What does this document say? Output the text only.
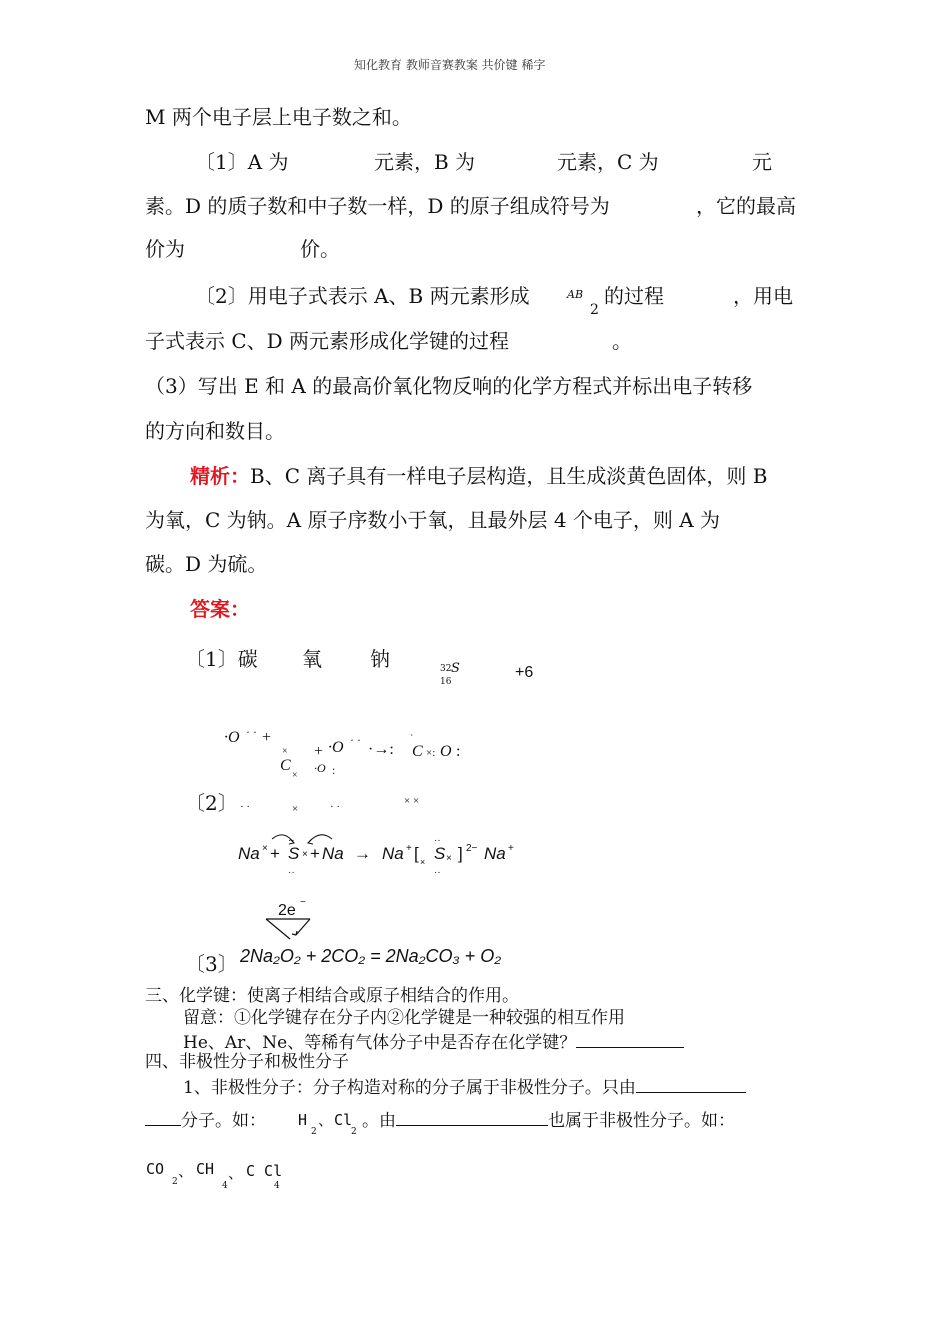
知化教育 教师音赛教案 共价键 稀字
M 两个电子层上电子数之和。
〔1〕A 为	元素，B 为	元素，C 为	元
素。D 的质子数和中子数一样，D 的原子组成符号为	，它的最高
价为	价。
〔2〕用电子式表示 A、B 两元素形成	AB
2
的过程	，用电
子式表示 C、D 两元素形成化学键的过程	。
（3）写出 E 和 A 的最高价氧化物反响的化学方程式并标出电子转移
的方向和数目。
精析：B、C 离子具有一样电子层构造，且生成淡黄色固体，则 B
为氧，C 为钠。A 原子序数小于氧，且最外层 4 个电子，则 A 为
碳。D 为硫。
答案：
〔1〕碳 氧 钠	32
16
S	+6
〔2〕
·O · · +
×
C
×
+ ·O · ·
·O :
·→:
`
C ×: O :
· ·	×	· ·	× ×
Na × + S
··
··
× + Na → Na + [ × S
··
··
× ] 2− Na +
2e −
〔3〕 2Na₂O₂ + 2CO₂ = 2Na₂CO₃ + O₂
三、化学键：使离子相结合或原子相结合的作用。
留意：①化学键存在分子内②化学键是一种较强的相互作用
He、Ar、Ne、等稀有气体分子中是否存在化学键？
四、非极性分子和极性分子
1、非极性分子：分子构造对称的分子属于非极性分子。只由
分子。如： H
2
、 Cl
2
。由	也属于非极性分子。如：
CO
2
、 CH
4
、 C Cl
4
